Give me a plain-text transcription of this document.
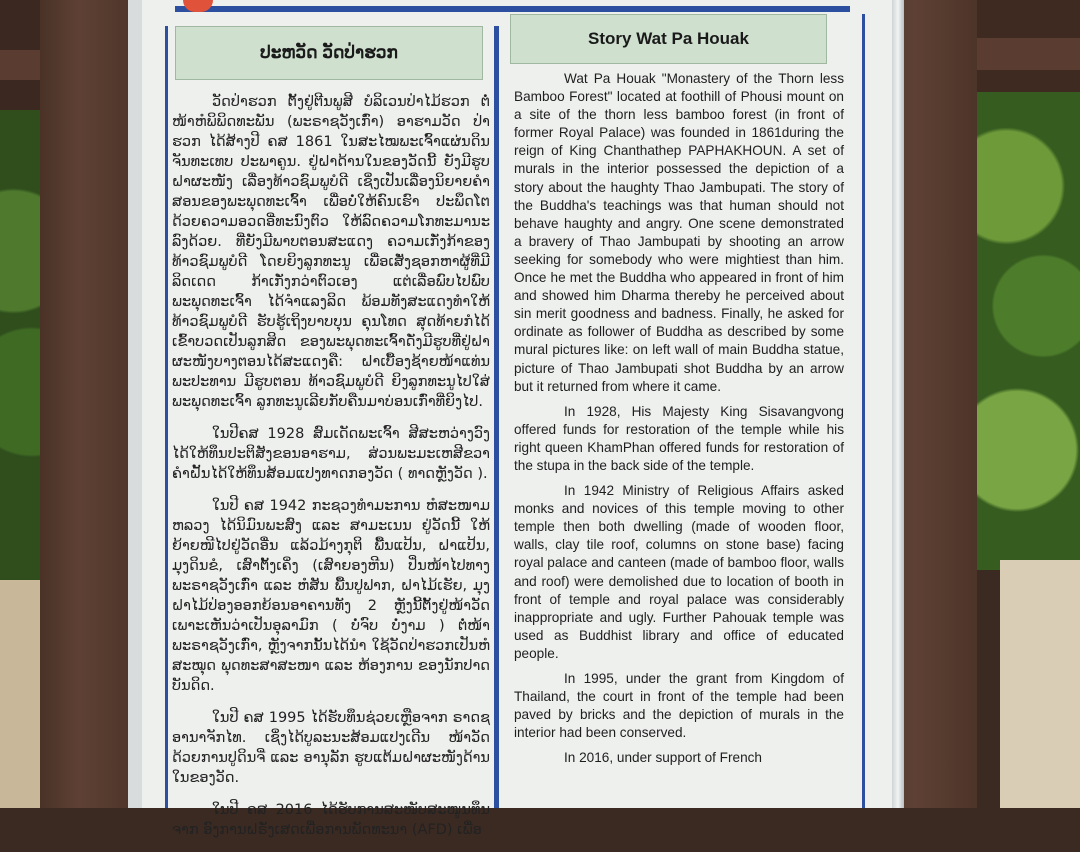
ປະຫວັດ ວັດປ່າຮວກ
Story Wat Pa Houak

ວັດປ່າຮວກ ຕັ້ງຢູ່ຕີນພູສີ ບໍລິເວນປ່າໄມ້ຮວກ ຕໍ່ໜ້າຫໍພິພິດທະພັນ (ພະຣາຊວັງເກົ່າ) ອາຮາມວັດ ປ່າຮວກ ໄດ້ສ້າງປີ ຄສ 1861 ໃນສະໄໝພະເຈົ້າແຜ່ນດິນ ຈັນທະເທບ ປະພາຄູນ. ຢູ່ຝາດ້ານໃນຂອງວັດນີ້ ຍັງມີຮູບຝາຜະໜັງ ເລື່ອງທ້າວຊົມພູບໍດີ ເຊິ່ງເປັນເລື່ອງນິຍາຍຄຳສອນຂອງພະພຸດທະເຈົ້າ ເພື່ອບໍ່ໃຫ້ຄົນເຮົາ ປະພຶດໂຕດ້ວຍຄວາມອວດອີ່ທະນົງຕົວ ໃຫ້ລົດຄວາມໂກທະມານະລົງດ້ວຍ. ທີ່ຍັງມີພາບຕອນສະແດງ ຄວາມເກັ່ງກ້າຂອງ ທ້າວຊົມພູບໍດີ ໂດຍຍິງລູກທະນູ ເພື່ອເສັ່ງຊອກຫາຜູ້ທີ່ມີລິດເດດ ກ້າເກັ່ງກວ່າຕົວເອງ ແຕ່ເລື່ອພົບໄປພົບພະພຸດທະເຈົ້າ ໄດ້ຈຳແລງລິດ ພ້ອມທັງສະແດງທຳໃຫ້ ທ້າວຊົມພູບໍດີ ຮັບຮູ້ເຖິງບາບບຸນ ຄຸນໂທດ ສຸດທ້າຍກໍໄດ້ເຂົ້າບວດເປັນລູກສິດ ຂອງພະພຸດທະເຈົ້າດັ່ງມີຮູບທີ່ຢູ່ຝາຜະໜັງບາງຕອນໄດ້ສະແດງຄື: ຝາເບື້ອງຊ້າຍໜ້າແທ່ນພະປະທານ ມີຮູບຕອນ ທ້າວຊົມພູບໍດີ ຍິງລູກທະນູໄປໃສ່ ພະພຸດທະເຈົ້າ ລູກທະນູເລີຍກັບຄືນມາບ່ອນເກົ່າທີ່ຍິງໄປ.

ໃນປີຄສ 1928 ສົມເດັດພະເຈົ້າ ສີສະຫວ່າງວົງ ໄດ້ໃຫ້ທຶນປະຕິສັງຂອນອາຮາມ, ສ່ວນພະມະເຫສີຂວາ ຄຳຝັ້ນໄດ້ໃຫ້ທຶນສ້ອມແປງທາດກອງວັດ ( ທາດຫຼັງວັດ ).

ໃນປີ ຄສ 1942 ກະຊວງທຳມະການ ຫໍສະໜາມຫລວງ ໄດ້ນິມົນພະສົງ ແລະ ສາມະເນນ ຢູ່ວັດນີ້ ໃຫ້ຍ້າຍໜີໄປຢູ່ວັດອື່ນ ແລ້ວມ້າງກຸຕິ ພື້ນແປ້ນ, ຝາແປ້ນ, ມຸງດິນຂໍ, ເສົາຕັ້ງເຄິ່ງ (ເສົາຍອງຫີນ) ປິ່ນໜ້າໄປທາງ ພະຣາຊວັງເກົ່າ ແລະ ຫໍສັນ ພື້ນປູຟາກ, ຝາໄມ້ເຮັຍ, ມຸງຝາໄມ້ປ່ອງອອກຍ້ອນອາຄານທັງ 2 ຫຼັງນີ້ຕັ້ງຢູ່ໜ້າວັດ ເພາະເຫັນວ່າເປັນອຸລາມົກ ( ບໍ່ຈົບ ບໍ່ງາມ ) ຕໍ່ໜ້າ ພະຣາຊວັງເກົ່າ, ຫຼັງຈາກນັ້ນໄດ້ນຳ ໃຊ້ວັດປ່າຮວກເປັນຫໍສະໝຸດ ພຸດທະສາສະໜາ ແລະ ຫ້ອງການ ຂອງນັກປາດບັນດິດ.

ໃນປີ ຄສ 1995 ໄດ້ຮັບທຶນຊ່ວຍເຫຼືອຈາກ ຣາດຊອານາຈັກໄທ. ເຊິ່ງໄດ້ບູລະນະສ້ອມແປງເດີນ ໜ້າວັດດ້ວຍການປູດິນຈີ່ ແລະ ອານຸລັກ ຮູບແຕ້ມຝາຜະໜັງດ້ານໃນຂອງວັດ.

ໃນປີ ຄສ 2016 ໄດ້ຮັບການສະໜັບສະໜູນທຶນຈາກ ອົງການຝຣັ່ງເສດເພື່ອການພັດທະນາ (AFD) ເພື່ອ

Wat Pa Houak "Monastery of the Thorn less Bamboo Forest" located at foothill of Phousi mount on a site of the thorn less bamboo forest (in front of former Royal Palace) was founded in 1861during the reign of King Chanthathep PAPHAKHOUN. A set of murals in the interior possessed the depiction of a story about the haughty Thao Jambupati. The story of the Buddha's teachings was that human should not behave haughty and angry. One scene demonstrated a bravery of Thao Jambupati by shooting an arrow seeking for somebody who were mightiest than him. Once he met the Buddha who appeared in front of him and showed him Dharma thereby he perceived about sin merit goodness and badness. Finally, he asked for ordinate as follower of Buddha as described by some mural pictures like: on left wall of main Buddha statue, picture of Thao Jambupati shot Buddha by an arrow but it returned from where it came.

In 1928, His Majesty King Sisavangvong offered funds for restoration of the temple while his right queen KhamPhan offered funds for restoration of the stupa in the back side of the temple.

In 1942 Ministry of Religious Affairs asked monks and novices of this temple moving to other temple then both dwelling (made of wooden floor, walls, clay tile roof, columns on stone base) facing royal palace and canteen (made of bamboo floor, walls and roof) were demolished due to location of booth in front of temple and royal palace was considerably inappropriate and ugly. Further Pahouak temple was used as Buddhist library and office of educated people.

In 1995, under the grant from Kingdom of Thailand, the court in front of the temple had been paved by bricks and the depiction of murals in the interior had been conserved.

In 2016, under support of French
